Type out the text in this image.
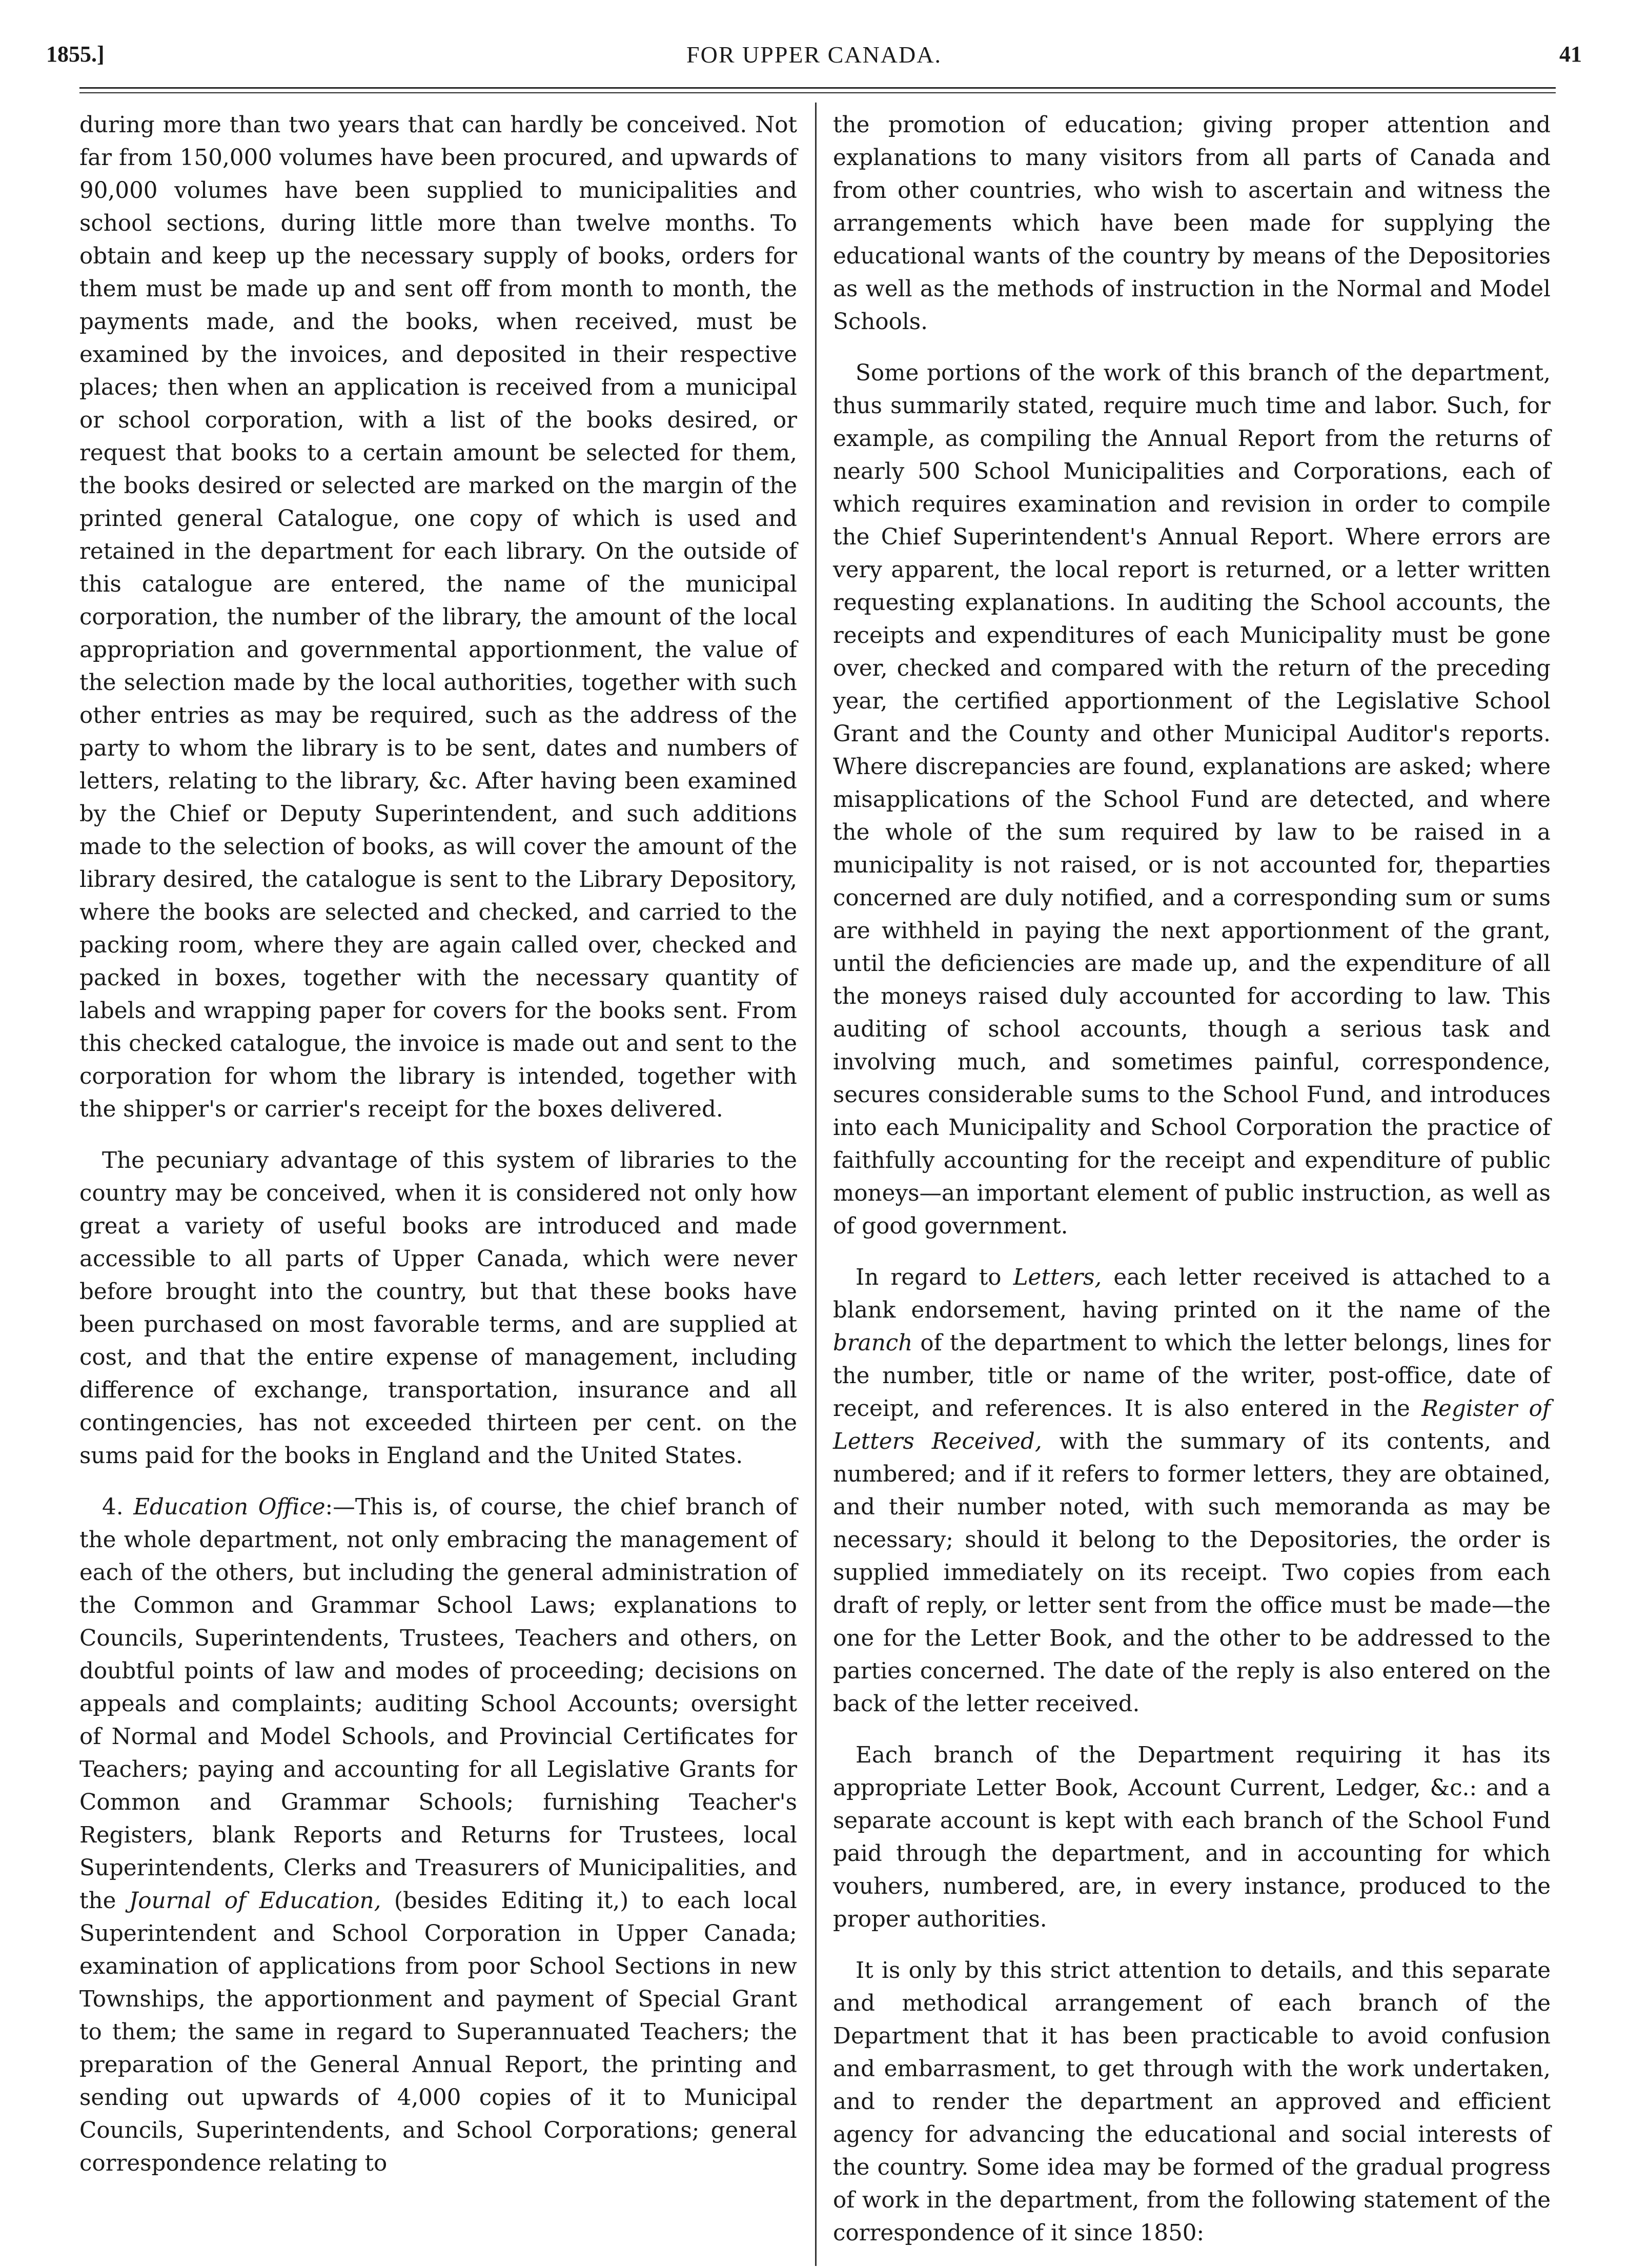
1855.]	FOR UPPER CANADA.	41

during more than two years that can hardly be conceived. Not far from 150,000 volumes have been procured, and upwards of 90,000 volumes have been supplied to municipalities and school sections, during little more than twelve months. To obtain and keep up the necessary supply of books, orders for them must be made up and sent off from month to month, the payments made, and the books, when received, must be examined by the invoices, and deposited in their respective places; then when an application is received from a municipal or school corporation, with a list of the books desired, or request that books to a certain amount be selected for them, the books desired or selected are marked on the margin of the printed general Catalogue, one copy of which is used and retained in the department for each library. On the outside of this catalogue are entered, the name of the municipal corporation, the number of the library, the amount of the local appropriation and governmental apportionment, the value of the selection made by the local authorities, together with such other entries as may be required, such as the address of the party to whom the library is to be sent, dates and numbers of letters, relating to the library, &c. After having been examined by the Chief or Deputy Superintendent, and such additions made to the selection of books, as will cover the amount of the library desired, the catalogue is sent to the Library Depository, where the books are selected and checked, and carried to the packing room, where they are again called over, checked and packed in boxes, together with the necessary quantity of labels and wrapping paper for covers for the books sent. From this checked catalogue, the invoice is made out and sent to the corporation for whom the library is intended, together with the shipper's or carrier's receipt for the boxes delivered.

The pecuniary advantage of this system of libraries to the country may be conceived, when it is considered not only how great a variety of useful books are introduced and made accessible to all parts of Upper Canada, which were never before brought into the country, but that these books have been purchased on most favorable terms, and are supplied at cost, and that the entire expense of management, including difference of exchange, transportation, insurance and all contingencies, has not exceeded thirteen per cent. on the sums paid for the books in England and the United States.

4. Education Office:—This is, of course, the chief branch of the whole department, not only embracing the management of each of the others, but including the general administration of the Common and Grammar School Laws; explanations to Councils, Superintendents, Trustees, Teachers and others, on doubtful points of law and modes of proceeding; decisions on appeals and complaints; auditing School Accounts; oversight of Normal and Model Schools, and Provincial Certificates for Teachers; paying and accounting for all Legislative Grants for Common and Grammar Schools; furnishing Teacher's Registers, blank Reports and Returns for Trustees, local Superintendents, Clerks and Treasurers of Municipalities, and the Journal of Education, (besides Editing it,) to each local Superintendent and School Corporation in Upper Canada; examination of applications from poor School Sections in new Townships, the apportionment and payment of Special Grant to them; the same in regard to Superannuated Teachers; the preparation of the General Annual Report, the printing and sending out upwards of 4,000 copies of it to Municipal Councils, Superintendents, and School Corporations; general correspondence relating to

the promotion of education; giving proper attention and explanations to many visitors from all parts of Canada and from other countries, who wish to ascertain and witness the arrangements which have been made for supplying the educational wants of the country by means of the Depositories as well as the methods of instruction in the Normal and Model Schools.

Some portions of the work of this branch of the department, thus summarily stated, require much time and labor. Such, for example, as compiling the Annual Report from the returns of nearly 500 School Municipalities and Corporations, each of which requires examination and revision in order to compile the Chief Superintendent's Annual Report. Where errors are very apparent, the local report is returned, or a letter written requesting explanations. In auditing the School accounts, the receipts and expenditures of each Municipality must be gone over, checked and compared with the return of the preceding year, the certified apportionment of the Legislative School Grant and the County and other Municipal Auditor's reports. Where discrepancies are found, explanations are asked; where misapplications of the School Fund are detected, and where the whole of the sum required by law to be raised in a municipality is not raised, or is not accounted for, theparties concerned are duly notified, and a corresponding sum or sums are withheld in paying the next apportionment of the grant, until the deficiencies are made up, and the expenditure of all the moneys raised duly accounted for according to law. This auditing of school accounts, though a serious task and involving much, and sometimes painful, correspondence, secures considerable sums to the School Fund, and introduces into each Municipality and School Corporation the practice of faithfully accounting for the receipt and expenditure of public moneys—an important element of public instruction, as well as of good government.

In regard to Letters, each letter received is attached to a blank endorsement, having printed on it the name of the branch of the department to which the letter belongs, lines for the number, title or name of the writer, post-office, date of receipt, and references. It is also entered in the Register of Letters Received, with the summary of its contents, and numbered; and if it refers to former letters, they are obtained, and their number noted, with such memoranda as may be necessary; should it belong to the Depositories, the order is supplied immediately on its receipt. Two copies from each draft of reply, or letter sent from the office must be made—the one for the Letter Book, and the other to be addressed to the parties concerned. The date of the reply is also entered on the back of the letter received.

Each branch of the Department requiring it has its appropriate Letter Book, Account Current, Ledger, &c.: and a separate account is kept with each branch of the School Fund paid through the department, and in accounting for which vouhers, numbered, are, in every instance, produced to the proper authorities.

It is only by this strict attention to details, and this separate and methodical arrangement of each branch of the Department that it has been practicable to avoid confusion and embarrasment, to get through with the work undertaken, and to render the department an approved and efficient agency for advancing the educational and social interests of the country. Some idea may be formed of the gradual progress of work in the department, from the following statement of the correspondence of it since 1850:
